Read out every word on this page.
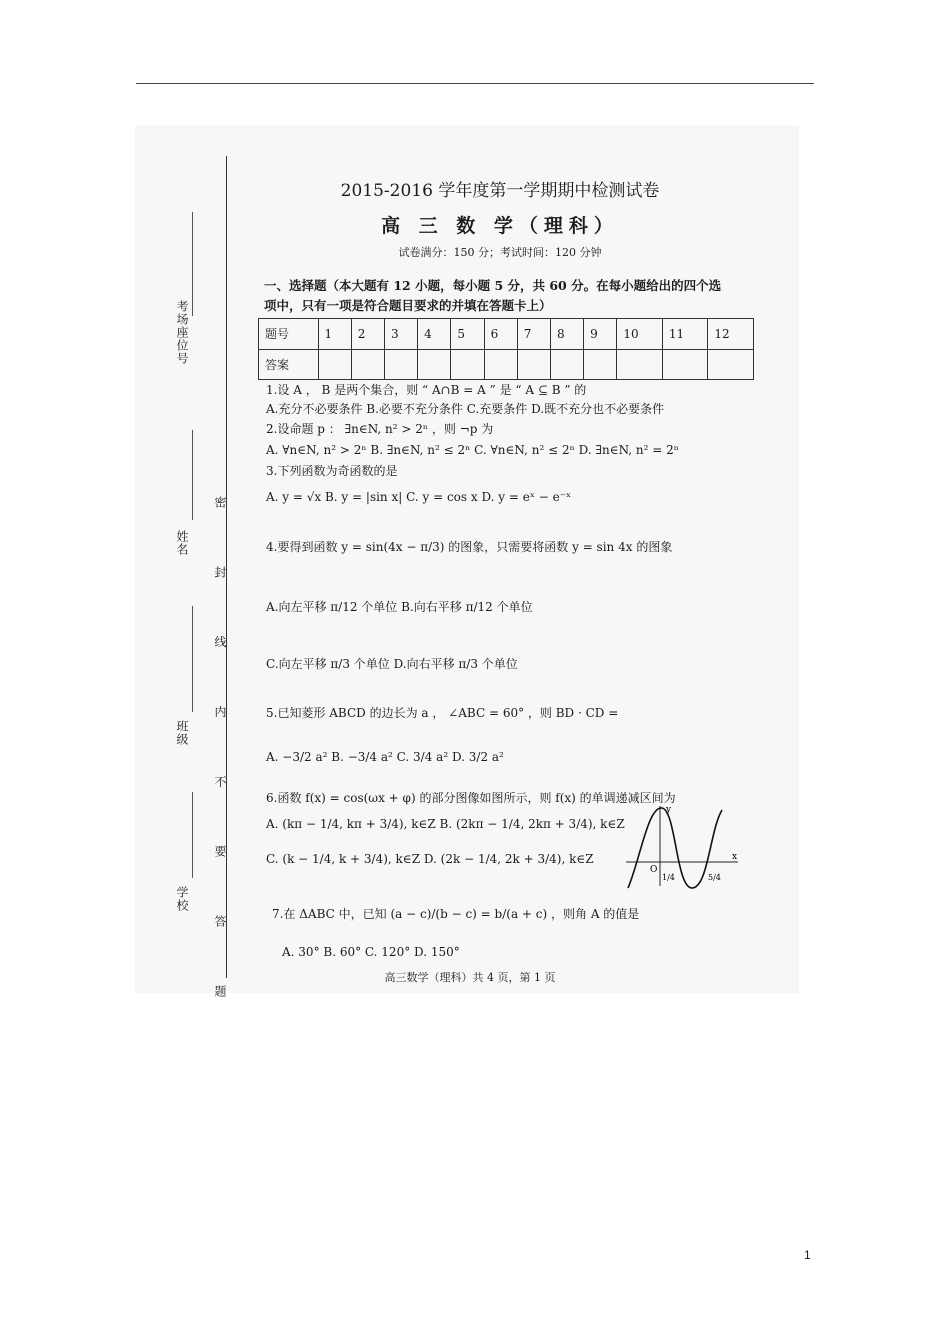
考场座位号
姓名
班级
学校 密 封 线 内 不 要 答 题
2015-2016 学年度第一学期期中检测试卷
高 三 数 学（理科）
试卷满分：150 分；考试时间：120 分钟
一、选择题（本大题有 12 小题，每小题 5 分，共 60 分。在每小题给出的四个选
项中，只有一项是符合题目要求的并填在答题卡上）
题号	1	2	3	4	5	6	7	8	9	10	11	12
答案												
1.设 A ， B 是两个集合，则 “ A∩B = A ” 是 “ A ⊆ B ” 的
A.充分不必要条件 B.必要不充分条件 C.充要条件 D.既不充分也不必要条件
2.设命题 p ： ∃n∈N, n² > 2ⁿ ，则 ¬p 为
A. ∀n∈N, n² > 2ⁿ B. ∃n∈N, n² ≤ 2ⁿ C. ∀n∈N, n² ≤ 2ⁿ D. ∃n∈N, n² = 2ⁿ
3.下列函数为奇函数的是
A. y = √x B. y = |sin x| C. y = cos x D. y = eˣ − e⁻ˣ
4.要得到函数 y = sin(4x − π/3) 的图象，只需要将函数 y = sin 4x 的图象
A.向左平移 π/12 个单位 B.向右平移 π/12 个单位
C.向左平移 π/3 个单位 D.向右平移 π/3 个单位
5.已知菱形 ABCD 的边长为 a ， ∠ABC = 60° ，则 BD · CD =
A. −3/2 a² B. −3/4 a² C. 3/4 a² D. 3/2 a²
6.函数 f(x) = cos(ωx + φ) 的部分图像如图所示，则 f(x) 的单调递减区间为
A. (kπ − 1/4, kπ + 3/4), k∈Z B. (2kπ − 1/4, 2kπ + 3/4), k∈Z
C. (k − 1/4, k + 3/4), k∈Z D. (2k − 1/4, 2k + 3/4), k∈Z
7.在 ΔABC 中，已知 (a − c)/(b − c) = b/(a + c) ，则角 A 的值是
A. 30° B. 60° C. 120° D. 150°
y
x
O
1/4	5/4
高三数学（理科）共 4 页，第 1 页
1
